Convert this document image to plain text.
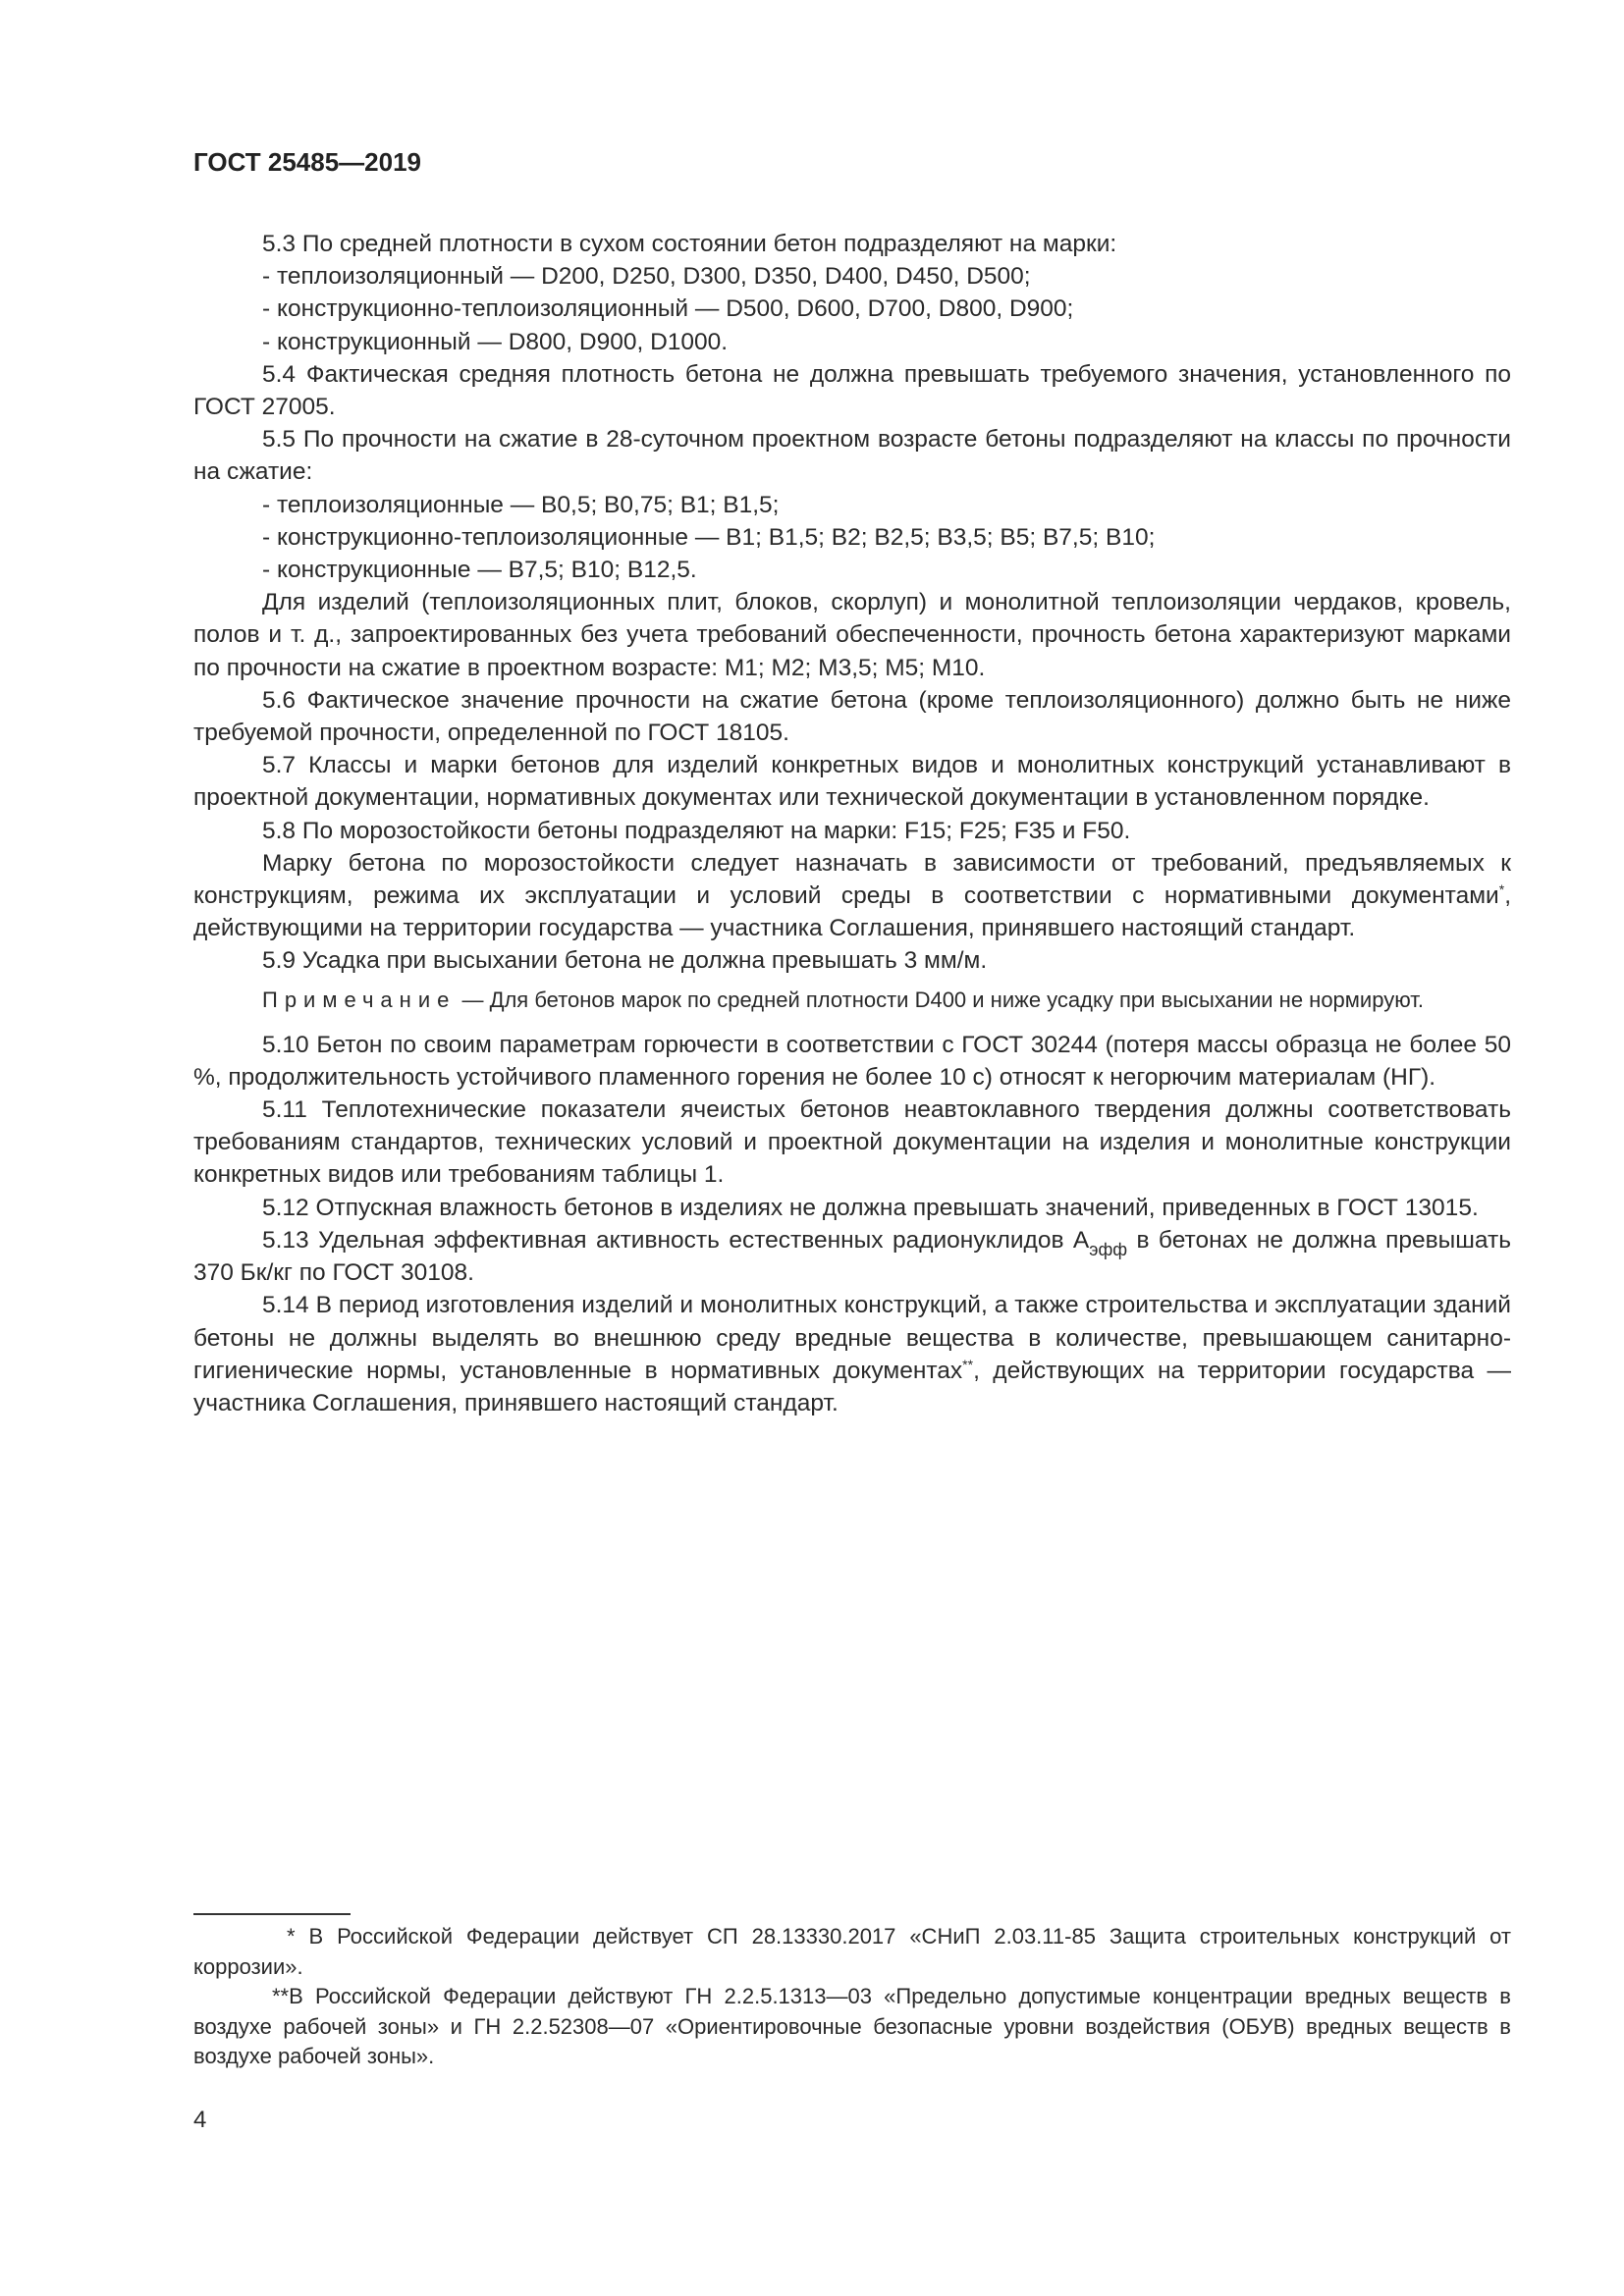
ГОСТ 25485—2019

5.3 По средней плотности в сухом состоянии бетон подразделяют на марки:

- теплоизоляционный — D200, D250, D300, D350, D400, D450, D500;

- конструкционно-теплоизоляционный — D500, D600, D700, D800, D900;

- конструкционный — D800, D900, D1000.

5.4 Фактическая средняя плотность бетона не должна превышать требуемого значения, установленного по ГОСТ 27005.

5.5 По прочности на сжатие в 28-суточном проектном возрасте бетоны подразделяют на классы по прочности на сжатие:

- теплоизоляционные — B0,5; B0,75; B1; B1,5;

- конструкционно-теплоизоляционные — B1; B1,5; B2; B2,5; B3,5; B5; B7,5; B10;

- конструкционные — B7,5; B10; B12,5.

Для изделий (теплоизоляционных плит, блоков, скорлуп) и монолитной теплоизоляции чердаков, кровель, полов и т. д., запроектированных без учета требований обеспеченности, прочность бетона характеризуют марками по прочности на сжатие в проектном возрасте: M1; M2; M3,5; M5; M10.

5.6 Фактическое значение прочности на сжатие бетона (кроме теплоизоляционного) должно быть не ниже требуемой прочности, определенной по ГОСТ 18105.

5.7 Классы и марки бетонов для изделий конкретных видов и монолитных конструкций устанавливают в проектной документации, нормативных документах или технической документации в установленном порядке.

5.8 По морозостойкости бетоны подразделяют на марки: F15; F25; F35 и F50.

Марку бетона по морозостойкости следует назначать в зависимости от требований, предъявляемых к конструкциям, режима их эксплуатации и условий среды в соответствии с нормативными документами*, действующими на территории государства — участника Соглашения, принявшего настоящий стандарт.

5.9 Усадка при высыхании бетона не должна превышать 3 мм/м.

Примечание — Для бетонов марок по средней плотности D400 и ниже усадку при высыхании не нормируют.

5.10 Бетон по своим параметрам горючести в соответствии с ГОСТ 30244 (потеря массы образца не более 50 %, продолжительность устойчивого пламенного горения не более 10 с) относят к негорючим материалам (НГ).

5.11 Теплотехнические показатели ячеистых бетонов неавтоклавного твердения должны соответствовать требованиям стандартов, технических условий и проектной документации на изделия и монолитные конструкции конкретных видов или требованиям таблицы 1.

5.12 Отпускная влажность бетонов в изделиях не должна превышать значений, приведенных в ГОСТ 13015.

5.13 Удельная эффективная активность естественных радионуклидов $A_{эфф}$ в бетонах не должна превышать 370 Бк/кг по ГОСТ 30108.

5.14 В период изготовления изделий и монолитных конструкций, а также строительства и эксплуатации зданий бетоны не должны выделять во внешнюю среду вредные вещества в количестве, превышающем санитарно-гигиенические нормы, установленные в нормативных документах**, действующих на территории государства — участника Соглашения, принявшего настоящий стандарт.

* В Российской Федерации действует СП 28.13330.2017 «СНиП 2.03.11-85 Защита строительных конструкций от коррозии».

**В Российской Федерации действуют ГН 2.2.5.1313—03 «Предельно допустимые концентрации вредных веществ в воздухе рабочей зоны» и ГН 2.2.52308—07 «Ориентировочные безопасные уровни воздействия (ОБУВ) вредных веществ в воздухе рабочей зоны».

4
